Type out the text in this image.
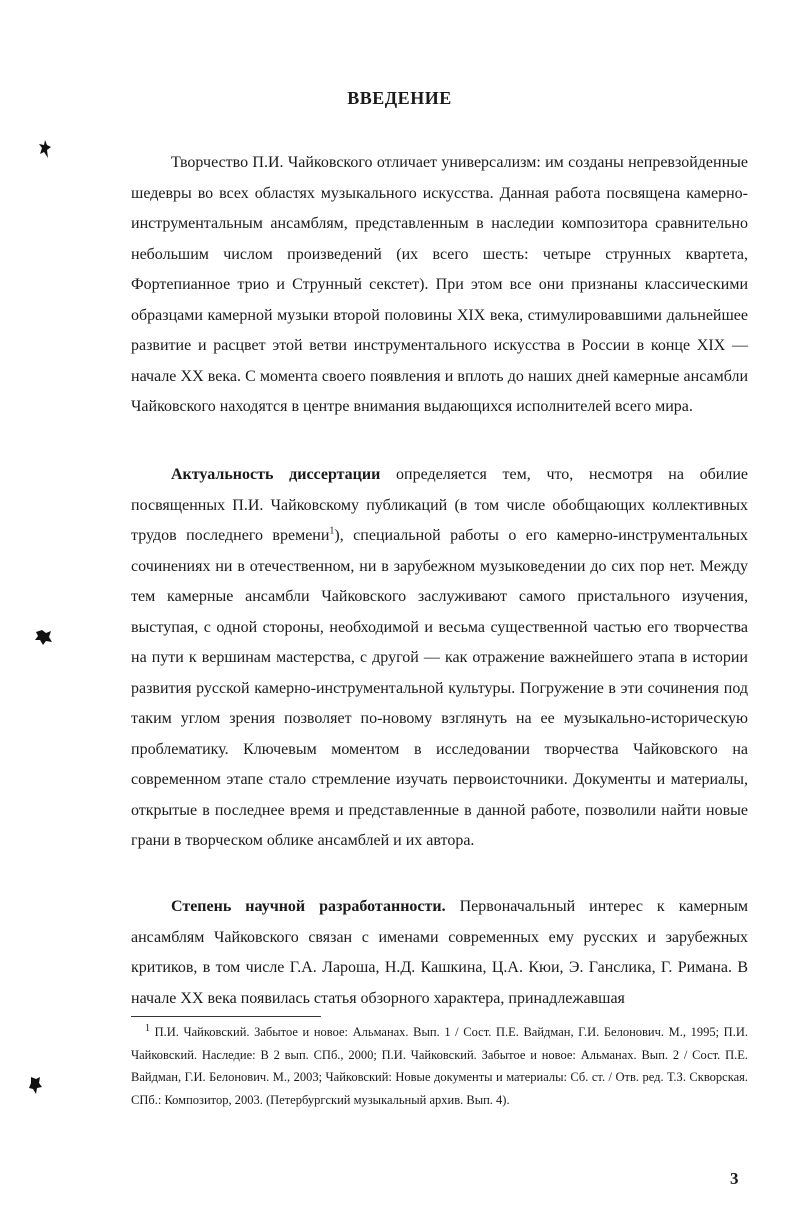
ВВЕДЕНИЕ

Творчество П.И. Чайковского отличает универсализм: им созданы непревзойденные шедевры во всех областях музыкального искусства. Данная работа посвящена камерно-инструментальным ансамблям, представленным в наследии композитора сравнительно небольшим числом произведений (их всего шесть: четыре струнных квартета, Фортепианное трио и Струнный секстет). При этом все они признаны классическими образцами камерной музыки второй половины XIX века, стимулировавшими дальнейшее развитие и расцвет этой ветви инструментального искусства в России в конце XIX — начале XX века. С момента своего появления и вплоть до наших дней камерные ансамбли Чайковского находятся в центре внимания выдающихся исполнителей всего мира.

Актуальность диссертации определяется тем, что, несмотря на обилие посвященных П.И. Чайковскому публикаций (в том числе обобщающих коллективных трудов последнего времени$^1$), специальной работы о его камерно-инструментальных сочинениях ни в отечественном, ни в зарубежном музыковедении до сих пор нет. Между тем камерные ансамбли Чайковского заслуживают самого пристального изучения, выступая, с одной стороны, необходимой и весьма существенной частью его творчества на пути к вершинам мастерства, с другой — как отражение важнейшего этапа в истории развития русской камерно-инструментальной культуры. Погружение в эти сочинения под таким углом зрения позволяет по-новому взглянуть на ее музыкально-историческую проблематику. Ключевым моментом в исследовании творчества Чайковского на современном этапе стало стремление изучать первоисточники. Документы и материалы, открытые в последнее время и представленные в данной работе, позволили найти новые грани в творческом облике ансамблей и их автора.

Степень научной разработанности. Первоначальный интерес к камерным ансамблям Чайковского связан с именами современных ему русских и зарубежных критиков, в том числе Г.А. Лароша, Н.Д. Кашкина, Ц.А. Кюи, Э. Ганслика, Г. Римана. В начале XX века появилась статья обзорного характера, принадлежавшая

$^1$ П.И. Чайковский. Забытое и новое: Альманах. Вып. 1 / Сост. П.Е. Вайдман, Г.И. Белонович. М., 1995; П.И. Чайковский. Наследие: В 2 вып. СПб., 2000; П.И. Чайковский. Забытое и новое: Альманах. Вып. 2 / Сост. П.Е. Вайдман, Г.И. Белонович. М., 2003; Чайковский: Новые документы и материалы: Сб. ст. / Отв. ред. Т.З. Скворская. СПб.: Композитор, 2003. (Петербургский музыкальный архив. Вып. 4).

3
